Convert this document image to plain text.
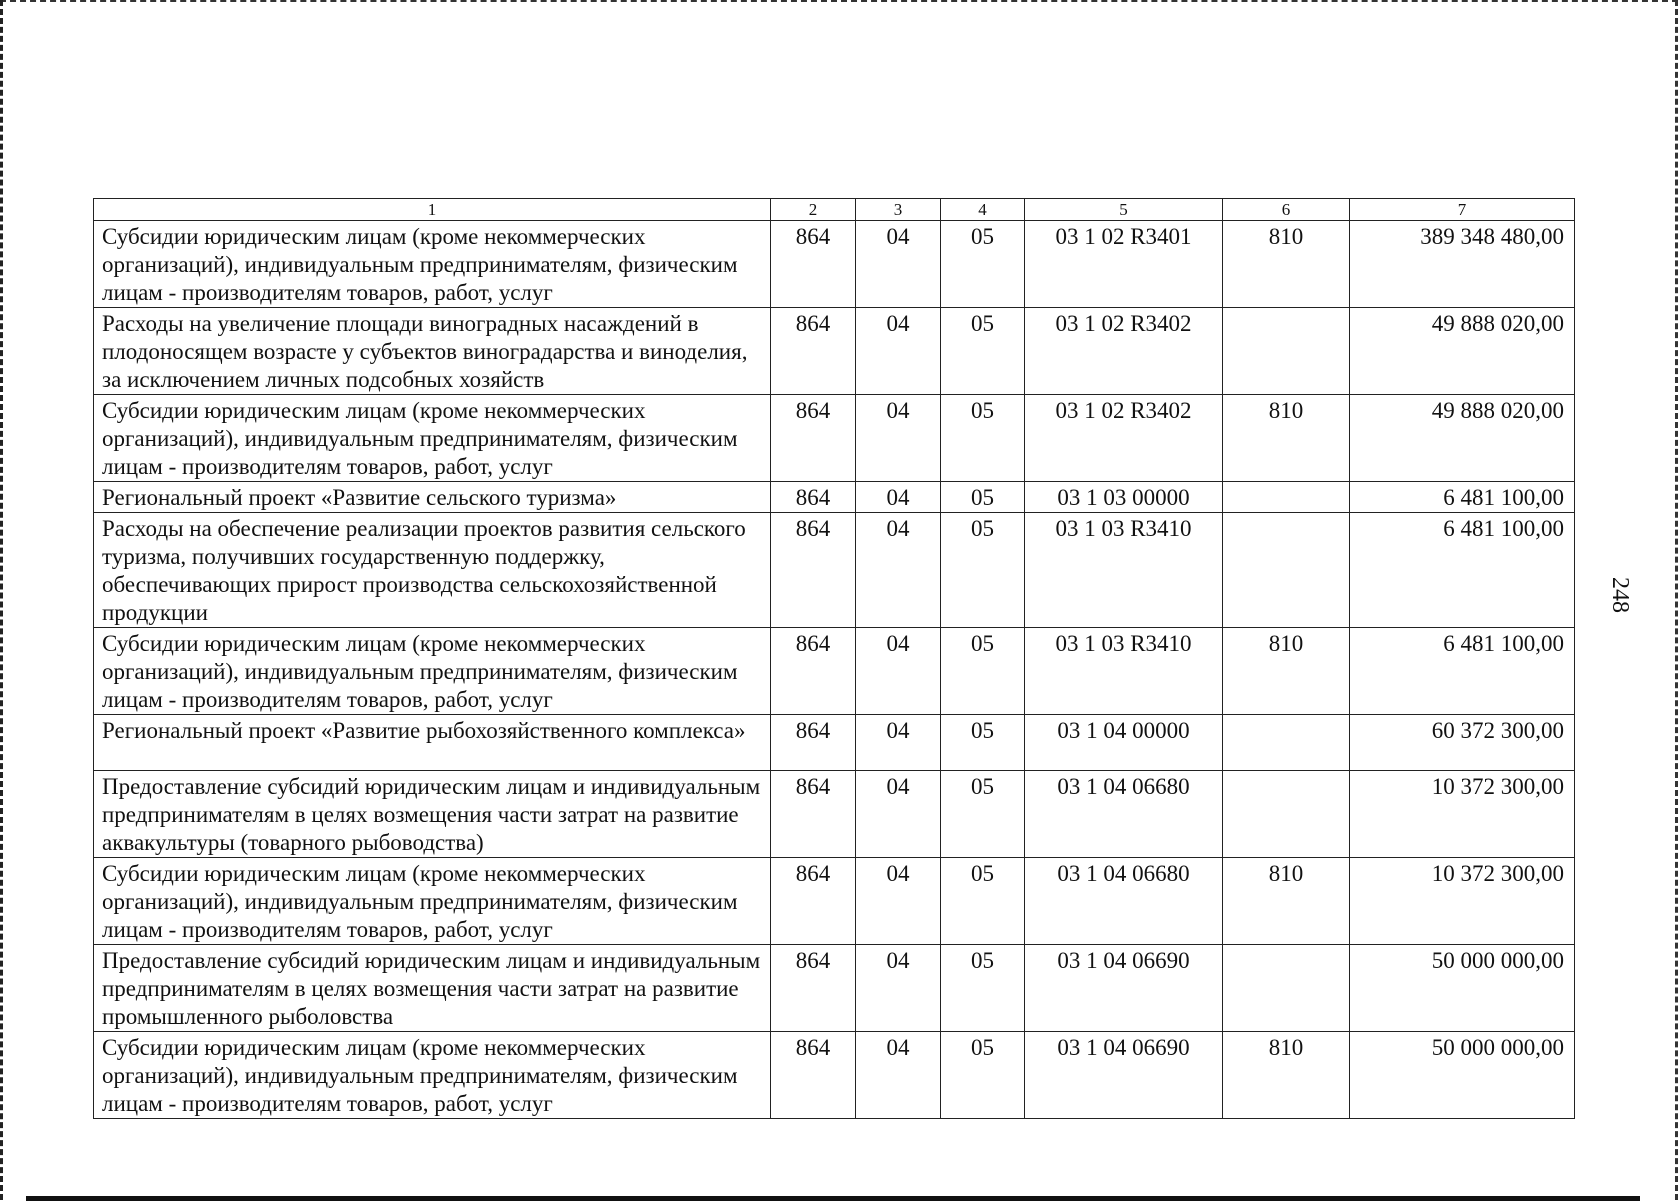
1	2	3	4	5	6	7
Субсидии юридическим лицам (кроме некоммерческих организаций), индивидуальным предпринимателям, физическим лицам - производителям товаров, работ, услуг	864	04	05	03 1 02 R3401	810	389 348 480,00
Расходы на увеличение площади виноградных насаждений в плодоносящем возрасте у субъектов виноградарства и виноделия, за исключением личных подсобных хозяйств	864	04	05	03 1 02 R3402		49 888 020,00
Субсидии юридическим лицам (кроме некоммерческих организаций), индивидуальным предпринимателям, физическим лицам - производителям товаров, работ, услуг	864	04	05	03 1 02 R3402	810	49 888 020,00
Региональный проект «Развитие сельского туризма»	864	04	05	03 1 03 00000		6 481 100,00
Расходы на обеспечение реализации проектов развития сельского туризма, получивших государственную поддержку, обеспечивающих прирост производства сельскохозяйственной продукции	864	04	05	03 1 03 R3410		6 481 100,00
Субсидии юридическим лицам (кроме некоммерческих организаций), индивидуальным предпринимателям, физическим лицам - производителям товаров, работ, услуг	864	04	05	03 1 03 R3410	810	6 481 100,00
Региональный проект «Развитие рыбохозяйственного комплекса»	864	04	05	03 1 04 00000		60 372 300,00
Предоставление субсидий юридическим лицам и индивидуальным предпринимателям в целях возмещения части затрат на развитие аквакультуры (товарного рыбоводства)	864	04	05	03 1 04 06680		10 372 300,00
Субсидии юридическим лицам (кроме некоммерческих организаций), индивидуальным предпринимателям, физическим лицам - производителям товаров, работ, услуг	864	04	05	03 1 04 06680	810	10 372 300,00
Предоставление субсидий юридическим лицам и индивидуальным предпринимателям в целях возмещения части затрат на развитие промышленного рыболовства	864	04	05	03 1 04 06690		50 000 000,00
Субсидии юридическим лицам (кроме некоммерческих организаций), индивидуальным предпринимателям, физическим лицам - производителям товаров, работ, услуг	864	04	05	03 1 04 06690	810	50 000 000,00
248
